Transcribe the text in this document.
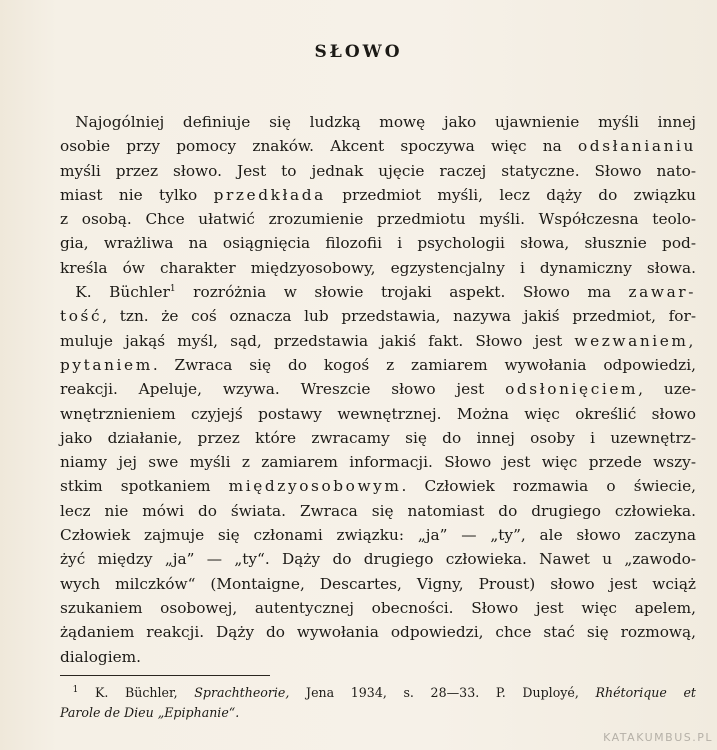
SŁOWO
 Najogólniej definiuje się ludzką mowę jako ujawnienie myśli innej
osobie przy pomocy znaków. Akcent spoczywa więc na odsłanianiu
myśli przez słowo. Jest to jednak ujęcie raczej statyczne. Słowo nato-
miast nie tylko przedkłada przedmiot myśli, lecz dąży do związku
z osobą. Chce ułatwić zrozumienie przedmiotu myśli. Współczesna teolo-
gia, wrażliwa na osiągnięcia filozofii i psychologii słowa, słusznie pod-
kreśla ów charakter międzyosobowy, egzystencjalny i dynamiczny słowa.
 K. Büchler$^1$ rozróżnia w słowie trojaki aspekt. Słowo ma zawar-
tość, tzn. że coś oznacza lub przedstawia, nazywa jakiś przedmiot, for-
muluje jakąś myśl, sąd, przedstawia jakiś fakt. Słowo jest wezwaniem,
pytaniem. Zwraca się do kogoś z zamiarem wywołania odpowiedzi,
reakcji. Apeluje, wzywa. Wreszcie słowo jest odsłonięciem, uze-
wnętrznieniem czyjejś postawy wewnętrznej. Można więc określić słowo
jako działanie, przez które zwracamy się do innej osoby i uzewnętrz-
niamy jej swe myśli z zamiarem informacji. Słowo jest więc przede wszy-
stkim spotkaniem międzyosobowym. Człowiek rozmawia o świecie,
lecz nie mówi do świata. Zwraca się natomiast do drugiego człowieka.
Człowiek zajmuje się członami związku: „ja” — „ty”, ale słowo zaczyna
żyć między „ja” — „ty“. Dąży do drugiego człowieka. Nawet u „zawodo-
wych milczków“ (Montaigne, Descartes, Vigny, Proust) słowo jest wciąż
szukaniem osobowej, autentycznej obecności. Słowo jest więc apelem,
żądaniem reakcji. Dąży do wywołania odpowiedzi, chce stać się rozmową,
dialogiem.
 $^1$ K. Büchler, Sprachtheorie, Jena 1934, s. 28—33. P. Duployé, Rhétorique et
Parole de Dieu „Epiphanie“.
KATAKUMBUS.PL
